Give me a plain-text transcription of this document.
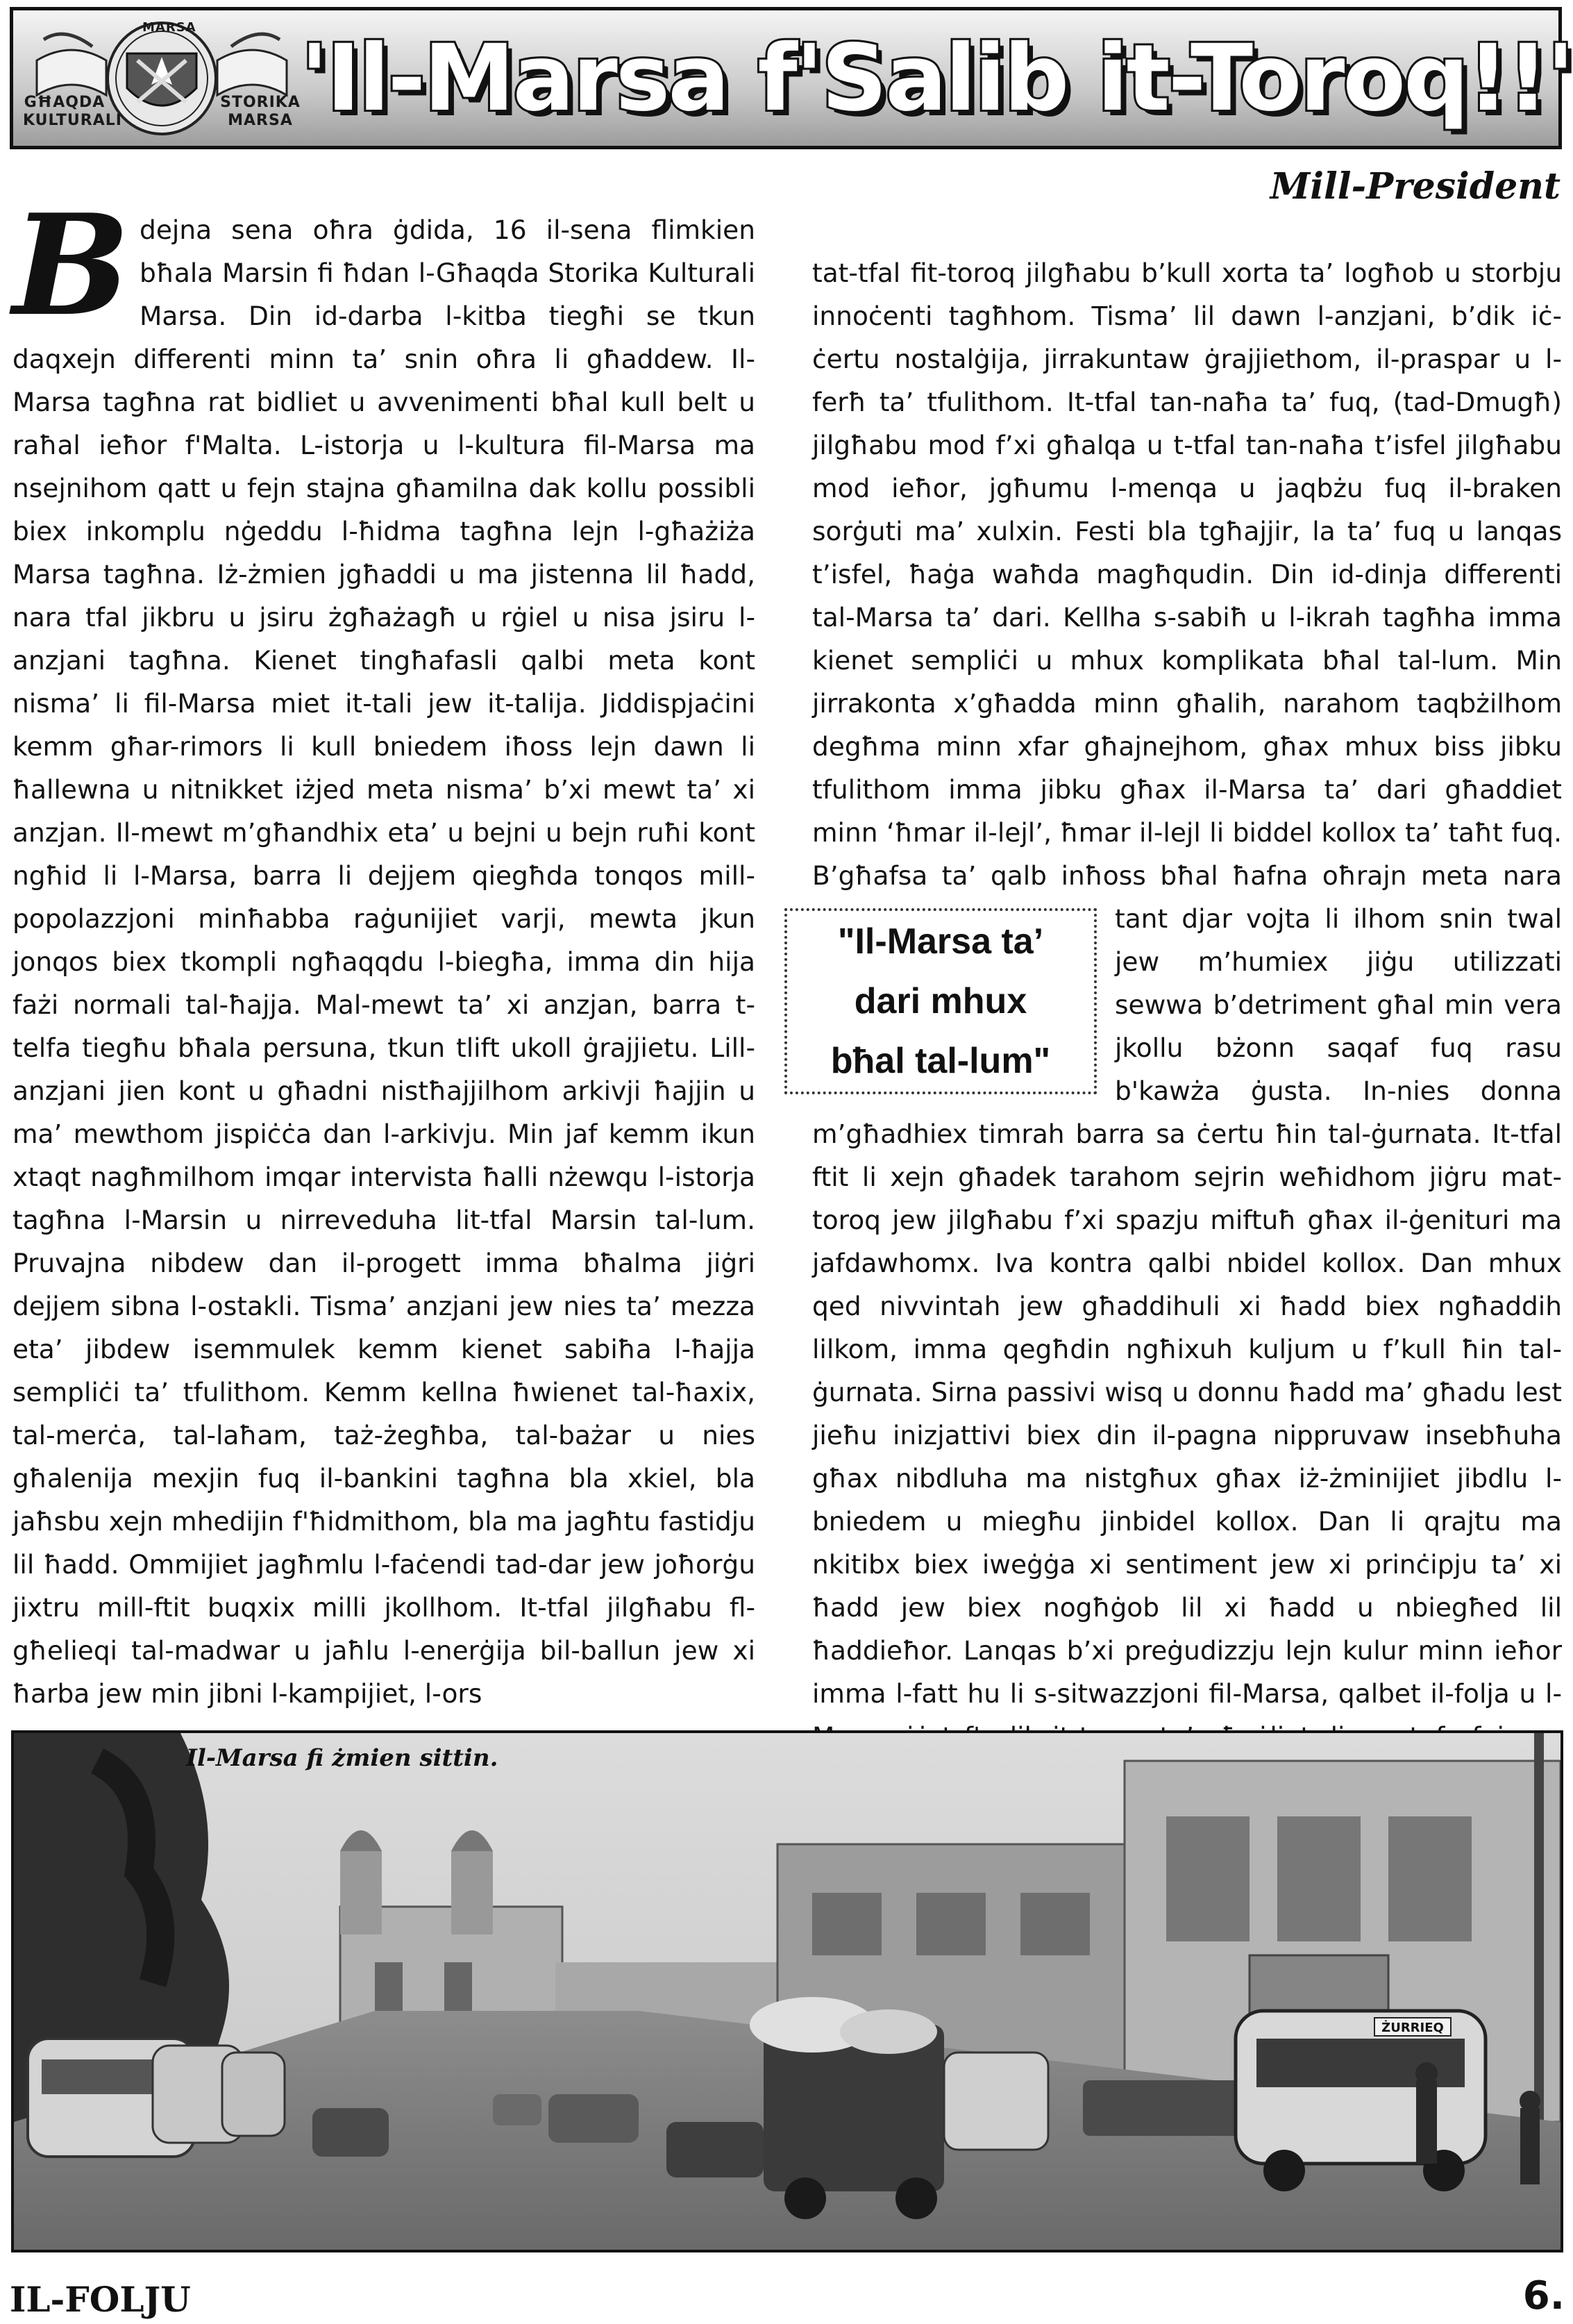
MARSA
GĦAQDA KULTURALI
STORIKA MARSA 'Il-Marsa f'Salib it-Toroq!!'
Mill-President

Bdejna sena oħra ġdida, 16 il-sena flimkien bħala Marsin fi ħdan l-Għaqda Storika Kulturali Marsa. Din id-darba l-kitba tiegħi se tkun daqxejn differenti minn ta’ snin oħra li għaddew. Il-Marsa tagħna rat bidliet u avvenimenti bħal kull belt u raħal ieħor f'Malta. L-istorja u l-kultura fil-Marsa ma nsejnihom qatt u fejn stajna għamilna dak kollu possibli biex inkomplu nġeddu l-ħidma tagħna lejn l-għażiża Marsa tagħna. Iż-żmien jgħaddi u ma jistenna lil ħadd, nara tfal jikbru u jsiru żgħażagħ u rġiel u nisa jsiru l-anzjani tagħna. Kienet tingħafasli qalbi meta kont nisma’ li fil-Marsa miet it-tali jew it-talija. Jiddispjaċini kemm għar-rimors li kull bniedem iħoss lejn dawn li ħallewna u nitnikket iżjed meta nisma’ b’xi mewt ta’ xi anzjan. Il-mewt m’għandhix eta’ u bejni u bejn ruħi kont ngħid li l-Marsa, barra li dejjem qiegħda tonqos mill-popolazzjoni minħabba raġunijiet varji, mewta jkun jonqos biex tkompli ngħaqqdu l-biegħa, imma din hija fażi normali tal-ħajja. Mal-mewt ta’ xi anzjan, barra t-telfa tiegħu bħala persuna, tkun tlift ukoll ġrajjietu. Lill-anzjani jien kont u għadni nistħajjilhom arkivji ħajjin u ma’ mewthom jispiċċa dan l-arkivju. Min jaf kemm ikun xtaqt nagħmilhom imqar intervista ħalli nżewqu l-istorja tagħna l-Marsin u nirreveduha lit-tfal Marsin tal-lum. Pruvajna nibdew dan il-progett imma bħalma jiġri dejjem sibna l-ostakli. Tisma’ anzjani jew nies ta’ mezza eta’ jibdew isemmulek kemm kienet sabiħa l-ħajja sempliċi ta’ tfulithom. Kemm kellna ħwienet tal-ħaxix, tal-merċa, tal-laħam, taż-żegħba, tal-bażar u nies għalenija mexjin fuq il-bankini tagħna bla xkiel, bla jaħsbu xejn mhedijin f'ħidmithom, bla ma jagħtu fastidju lil ħadd. Ommijiet jagħmlu l-faċendi tad-dar jew joħorġu jixtru mill-ftit buqxix milli jkollhom. It-tfal jilgħabu fl-għelieqi tal-madwar u jaħlu l-enerġija bil-ballun jew xi ħarba jew min jibni l-kampijiet, l-ors

tat-tfal fit-toroq jilgħabu b’kull xorta ta’ logħob u storbju innoċenti tagħhom. Tisma’ lil dawn l-anzjani, b’dik iċ-ċertu nostalġija, jirrakuntaw ġrajjiethom, il-praspar u l-ferħ ta’ tfulithom. It-tfal tan-naħa ta’ fuq, (tad-Dmugħ) jilgħabu mod f’xi għalqa u t-tfal tan-naħa t’isfel jilgħabu mod ieħor, jgħumu l-menqa u jaqbżu fuq il-braken sorġuti ma’ xulxin. Festi bla tgħajjir, la ta’ fuq u lanqas t’isfel, ħaġa waħda magħqudin. Din id-dinja differenti tal-Marsa ta’ dari. Kellha s-sabiħ u l-ikrah tagħha imma kienet sempliċi u mhux komplikata bħal tal-lum. Min jirrakonta x’għadda minn għalih, narahom taqbżilhom degħma minn xfar għajnejhom, għax mhux biss jibku tfulithom imma jibku għax il-Marsa ta’ dari għaddiet minn ‘ħmar il-lejl’, ħmar il-lejl li biddel kollox ta’ taħt fuq. B’għafsa ta’ qalb inħoss bħal ħafna oħrajn meta nara tant
"Il-Marsa ta’
dari mhux
bħal tal-lum"
djar vojta li ilhom snin twal jew m’humiex jiġu utilizzati sewwa b’detriment għal min vera jkollu bżonn saqaf fuq rasu b'kawża ġusta. In-nies donna m’għadhiex timrah barra sa ċertu ħin tal-ġurnata. It-tfal ftit li xejn għadek tarahom sejrin weħidhom jiġru mat-toroq jew jilgħabu f’xi spazju miftuħ għax il-ġenituri ma jafdawhomx. Iva kontra qalbi nbidel kollox. Dan mhux qed nivvintah jew għaddihuli xi ħadd biex ngħaddih lilkom, imma qegħdin ngħixuh kuljum u f’kull ħin tal-ġurnata. Sirna passivi wisq u donnu ħadd ma’ għadu lest jieħu inizjattivi biex din il-pagna nippruvaw insebħuha għax nibdluha ma nistgħux għax iż-żminijiet jibdlu l-bniedem u miegħu jinbidel kollox. Dan li qrajtu ma nkitibx biex iweġġa xi sentiment jew xi prinċipju ta’ xi ħadd jew biex nogħġob lil xi ħadd u nbiegħed lil ħaddieħor. Lanqas b’xi preġudizzju lejn kulur minn ieħor imma l-fatt hu li s-sitwazzjoni fil-Marsa, qalbet il-folja u l-

ŻURRIEQ
Il-Marsa fi żmien sittin.
IL-FOLJU	6.
